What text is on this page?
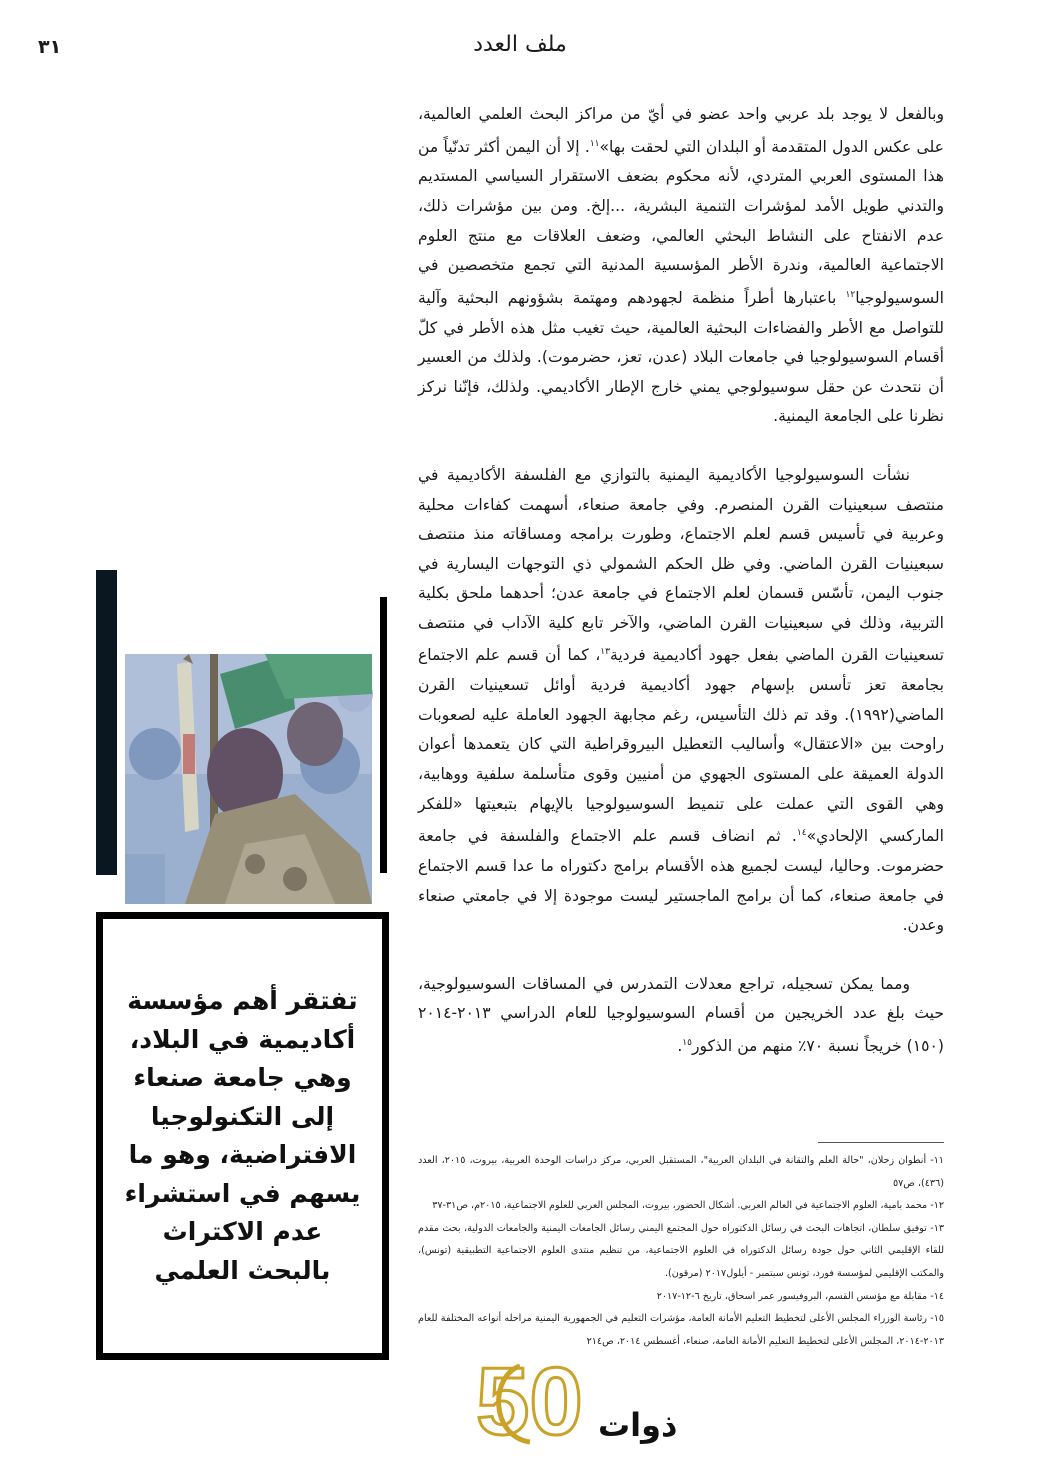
٣١	ملف العدد

وبالفعل لا يوجد بلد عربي واحد عضو في أيّ من مراكز البحث العلمي العالمية، على عكس الدول المتقدمة أو البلدان التي لحقت بها»$^{١١}$. إلا أن اليمن أكثر تدنّياً من هذا المستوى العربي المتردي، لأنه محكوم بضعف الاستقرار السياسي المستديم والتدني طويل الأمد لمؤشرات التنمية البشرية، ...إلخ. ومن بين مؤشرات ذلك، عدم الانفتاح على النشاط البحثي العالمي، وضعف العلاقات مع منتج العلوم الاجتماعية العالمية، وندرة الأطر المؤسسية المدنية التي تجمع متخصصين في السوسيولوجيا$^{١٢}$ باعتبارها أطراً منظمة لجهودهم ومهتمة بشؤونهم البحثية وآلية للتواصل مع الأطر والفضاءات البحثية العالمية، حيث تغيب مثل هذه الأطر في كلّ أقسام السوسيولوجيا في جامعات البلاد (عدن، تعز، حضرموت). ولذلك من العسير أن نتحدث عن حقل سوسيولوجي يمني خارج الإطار الأكاديمي. ولذلك، فإنّنا نركز نظرنا على الجامعة اليمنية.

نشأت السوسيولوجيا الأكاديمية اليمنية بالتوازي مع الفلسفة الأكاديمية في منتصف سبعينيات القرن المنصرم. وفي جامعة صنعاء، أسهمت كفاءات محلية وعربية في تأسيس قسم لعلم الاجتماع، وطورت برامجه ومساقاته منذ منتصف سبعينيات القرن الماضي. وفي ظل الحكم الشمولي ذي التوجهات اليسارية في جنوب اليمن، تأسّس قسمان لعلم الاجتماع في جامعة عدن؛ أحدهما ملحق بكلية التربية، وذلك في سبعينيات القرن الماضي، والآخر تابع كلية الآداب في منتصف تسعينيات القرن الماضي بفعل جهود أكاديمية فردية$^{١٣}$، كما أن قسم علم الاجتماع بجامعة تعز تأسس بإسهام جهود أكاديمية فردية أوائل تسعينيات القرن الماضي(١٩٩٢). وقد تم ذلك التأسيس، رغم مجابهة الجهود العاملة عليه لصعوبات راوحت بين «الاعتقال» وأساليب التعطيل البيروقراطية التي كان يتعمدها أعوان الدولة العميقة على المستوى الجهوي من أمنيين وقوى متأسلمة سلفية ووهابية، وهي القوى التي عملت على تنميط السوسيولوجيا بالإيهام بتبعيتها «للفكر الماركسي الإلحادي»$^{١٤}$. ثم انضاف قسم علم الاجتماع والفلسفة في جامعة حضرموت. وحاليا، ليست لجميع هذه الأقسام برامج دكتوراه ما عدا قسم الاجتماع في جامعة صنعاء، كما أن برامج الماجستير ليست موجودة إلا في جامعتي صنعاء وعدن.

ومما يمكن تسجيله، تراجع معدلات التمدرس في المساقات السوسيولوجية، حيث بلغ عدد الخريجين من أقسام السوسيولوجيا للعام الدراسي ٢٠١٣-٢٠١٤ (١٥٠) خريجاً نسبة ٧٠٪ منهم من الذكور$^{١٥}$.

١١- أنطوان زحلان، "حالة العلم والتقانة في البلدان العربية"، المستقبل العربي، مركز دراسات الوحدة العربية، بيروت، ٢٠١٥، العدد (٤٣٦)، ص٥٧
١٢- محمد بامية، العلوم الاجتماعية في العالم العربي. أشكال الحضور، بيروت، المجلس العربي للعلوم الاجتماعية، ٢٠١٥م، ص٣١-٣٧
١٣- توفيق سلطان، اتجاهات البحث في رسائل الدكتوراه حول المجتمع اليمني رسائل الجامعات اليمنية والجامعات الدولية، بحث مقدم للقاء الإقليمي الثاني حول جودة رسائل الدكتوراه في العلوم الاجتماعية، من تنظيم منتدى العلوم الاجتماعية التطبيقية (تونس)، والمكتب الإقليمي لمؤسسة فورد، تونس سبتمبر - أيلول٢٠١٧ (مرقون).
١٤- مقابلة مع مؤسس القسم، البروفيسور عمر اسحاق، تاريخ ٦-١٢-٢٠١٧
١٥- رئاسة الوزراء المجلس الأعلى لتخطيط التعليم الأمانة العامة، مؤشرات التعليم في الجمهورية اليمنية مراحله أنواعه المختلفة للعام ٢٠١٣-٢٠١٤، المجلس الأعلى لتخطيط التعليم الأمانة العامة، صنعاء، أغسطس ٢٠١٤، ص٢١٤
تفتقر أهم مؤسسة أكاديمية في البلاد، وهي جامعة صنعاء إلى التكنولوجيا الافتراضية، وهو ما يسهم في استشراء عدم الاكتراث بالبحث العلمي
50 ذوات
